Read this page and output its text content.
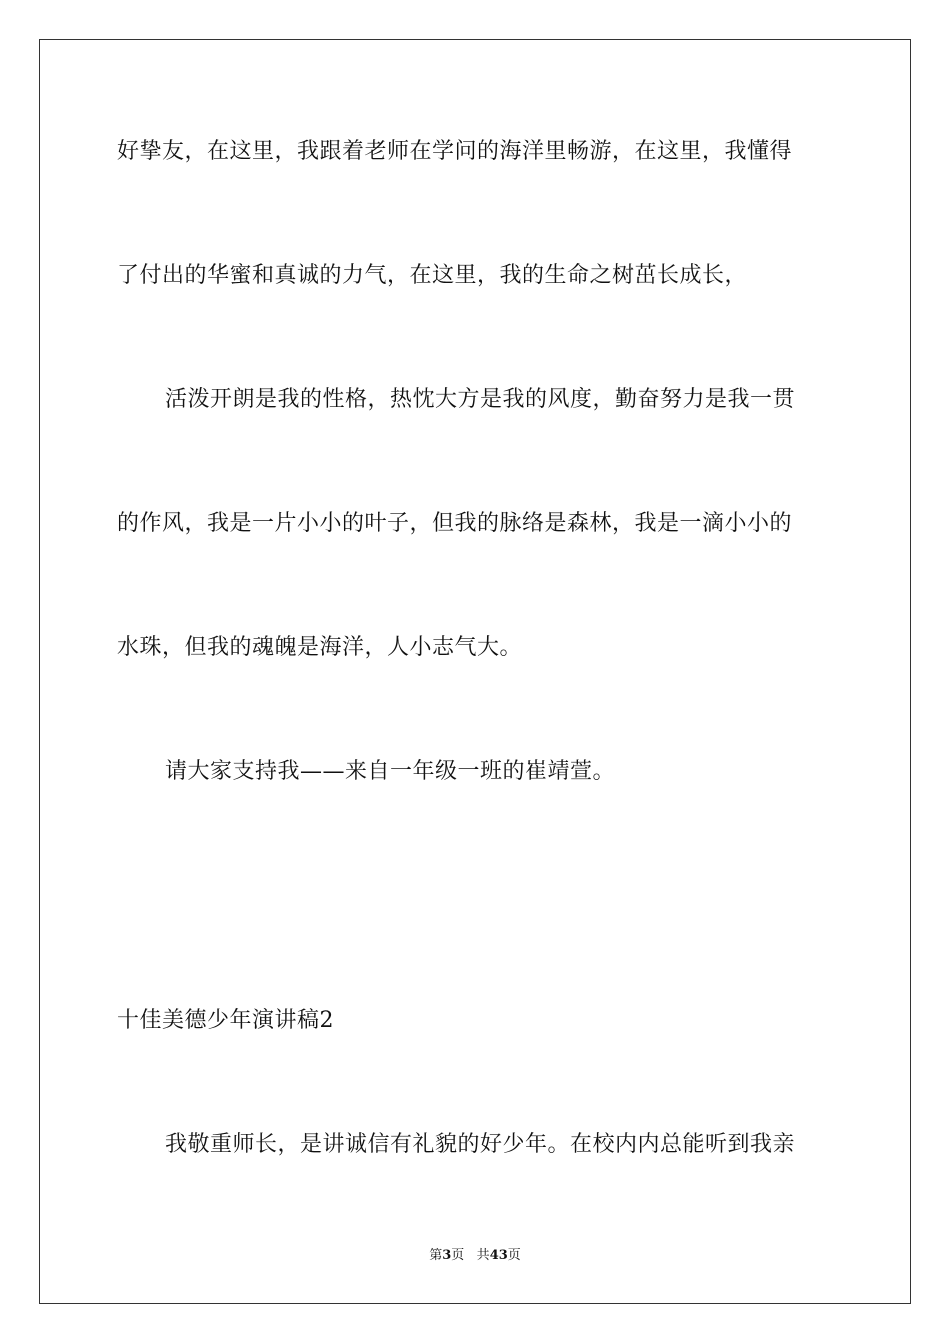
好挚友，在这里，我跟着老师在学问的海洋里畅游，在这里，我懂得
了付出的华蜜和真诚的力气，在这里，我的生命之树茁长成长，
活泼开朗是我的性格，热忱大方是我的风度，勤奋努力是我一贯
的作风，我是一片小小的叶子，但我的脉络是森林，我是一滴小小的
水珠，但我的魂魄是海洋，人小志气大。
请大家支持我——来自一年级一班的崔靖萱。
十佳美德少年演讲稿2
我敬重师长，是讲诚信有礼貌的好少年。在校内内总能听到我亲
第3页 共43页
